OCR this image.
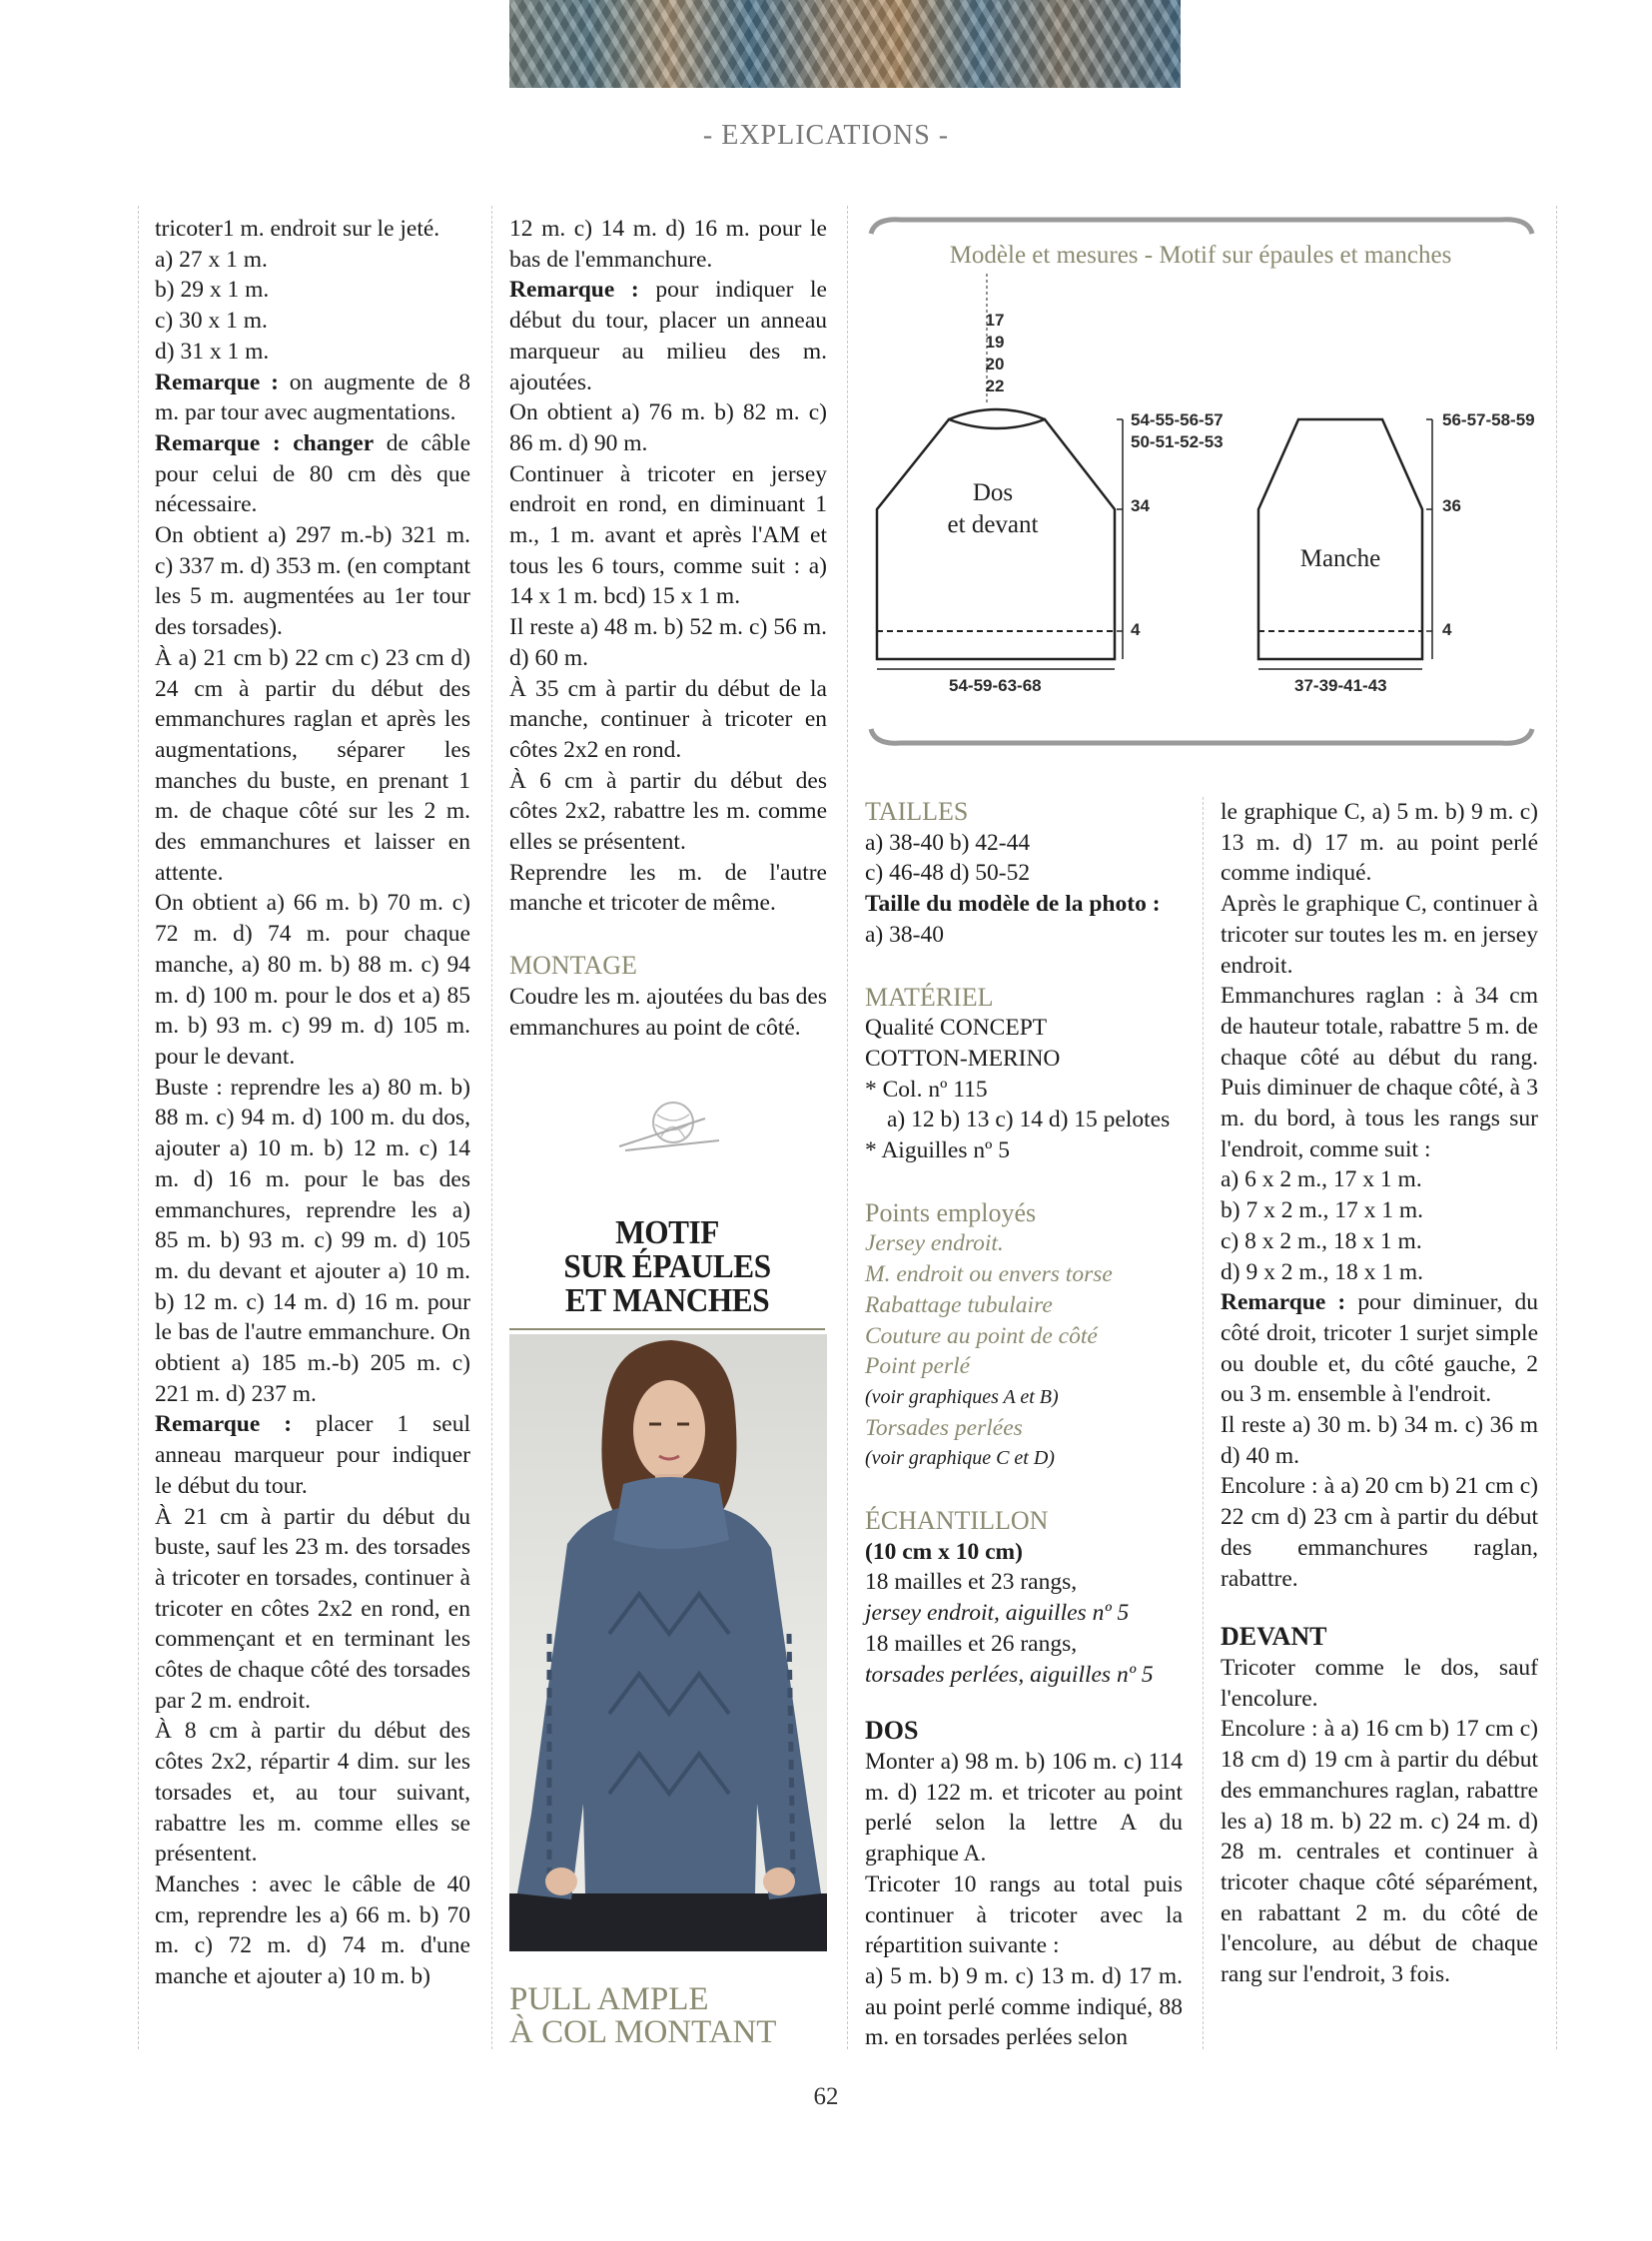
- EXPLICATIONS -

tricoter1 m. endroit sur le jeté.

a) 27 x 1 m.

b) 29 x 1 m.

c) 30 x 1 m.

d) 31 x 1 m.

Remarque : on augmente de 8 m. par tour avec augmentations.

Remarque : changer de câble pour celui de 80 cm dès que nécessaire.

On obtient a) 297 m.-b) 321 m. c) 337 m. d) 353 m. (en comptant les 5 m. augmentées au 1er tour des torsades).

À a) 21 cm b) 22 cm c) 23 cm d) 24 cm à partir du début des emmanchures raglan et après les augmentations, séparer les manches du buste, en prenant 1 m. de chaque côté sur les 2 m. des emmanchures et laisser en attente.

On obtient a) 66 m. b) 70 m. c) 72 m. d) 74 m. pour chaque manche, a) 80 m. b) 88 m. c) 94 m. d) 100 m. pour le dos et a) 85 m. b) 93 m. c) 99 m. d) 105 m. pour le devant.

Buste : reprendre les a) 80 m. b) 88 m. c) 94 m. d) 100 m. du dos, ajouter a) 10 m. b) 12 m. c) 14 m. d) 16 m. pour le bas des emmanchures, reprendre les a) 85 m. b) 93 m. c) 99 m. d) 105 m. du devant et ajouter a) 10 m. b) 12 m. c) 14 m. d) 16 m. pour le bas de l'autre emmanchure. On obtient a) 185 m.-b) 205 m. c) 221 m. d) 237 m.

Remarque : placer 1 seul anneau marqueur pour indiquer le début du tour.

À 21 cm à partir du début du buste, sauf les 23 m. des torsades à tricoter en torsades, continuer à tricoter en côtes 2x2 en rond, en commençant et en terminant les côtes de chaque côté des torsades par 2 m. endroit.

À 8 cm à partir du début des côtes 2x2, répartir 4 dim. sur les torsades et, au tour suivant, rabattre les m. comme elles se présentent.

Manches : avec le câble de 40 cm, reprendre les a) 66 m. b) 70 m. c) 72 m. d) 74 m. d'une manche et ajouter a) 10 m. b)

12 m. c) 14 m. d) 16 m. pour le bas de l'emmanchure.

Remarque : pour indiquer le début du tour, placer un anneau marqueur au milieu des m. ajoutées.

On obtient a) 76 m. b) 82 m. c) 86 m. d) 90 m.

Continuer à tricoter en jersey endroit en rond, en diminuant 1 m., 1 m. avant et après l'AM et tous les 6 tours, comme suit : a) 14 x 1 m. bcd) 15 x 1 m.

Il reste a) 48 m. b) 52 m. c) 56 m. d) 60 m.

À 35 cm à partir du début de la manche, continuer à tricoter en côtes 2x2 en rond.

À 6 cm à partir du début des côtes 2x2, rabattre les m. comme elles se présentent.

Reprendre les m. de l'autre manche et tricoter de même.

MONTAGE

Coudre les m. ajoutées du bas des emmanchures au point de côté.

MOTIF
SUR ÉPAULES
ET MANCHES
PULL AMPLE
À COL MONTANT
Modèle et mesures - Motif sur épaules et manches
17
19
20
22
54-55-56-57
50-51-52-53
34
4
54-59-63-68
Dos
et devant
56-57-58-59
36
4
37-39-41-43
Manche

TAILLES

a) 38-40 b) 42-44

c) 46-48 d) 50-52

Taille du modèle de la photo :

a) 38-40

MATÉRIEL

Qualité CONCEPT

COTTON-MERINO

* Col. nº 115

a) 12 b) 13 c) 14 d) 15 pelotes

* Aiguilles nº 5

Points employés

Jersey endroit.

M. endroit ou envers torse

Rabattage tubulaire

Couture au point de côté

Point perlé

(voir graphiques A et B)

Torsades perlées

(voir graphique C et D)

ÉCHANTILLON

(10 cm x 10 cm)

18 mailles et 23 rangs,

jersey endroit, aiguilles nº 5

18 mailles et 26 rangs,

torsades perlées, aiguilles nº 5

DOS

Monter a) 98 m. b) 106 m. c) 114 m. d) 122 m. et tricoter au point perlé selon la lettre A du graphique A.

Tricoter 10 rangs au total puis continuer à tricoter avec la répartition suivante :

a) 5 m. b) 9 m. c) 13 m. d) 17 m. au point perlé comme indiqué, 88 m. en torsades perlées selon

le graphique C, a) 5 m. b) 9 m. c) 13 m. d) 17 m. au point perlé comme indiqué.

Après le graphique C, continuer à tricoter sur toutes les m. en jersey endroit.

Emmanchures raglan : à 34 cm de hauteur totale, rabattre 5 m. de chaque côté au début du rang. Puis diminuer de chaque côté, à 3 m. du bord, à tous les rangs sur l'endroit, comme suit :

a) 6 x 2 m., 17 x 1 m.

b) 7 x 2 m., 17 x 1 m.

c) 8 x 2 m., 18 x 1 m.

d) 9 x 2 m., 18 x 1 m.

Remarque : pour diminuer, du côté droit, tricoter 1 surjet simple ou double et, du côté gauche, 2 ou 3 m. ensemble à l'endroit.

Il reste a) 30 m. b) 34 m. c) 36 m d) 40 m.

Encolure : à a) 20 cm b) 21 cm c) 22 cm d) 23 cm à partir du début des emmanchures raglan, rabattre.

DEVANT

Tricoter comme le dos, sauf l'encolure.

Encolure : à a) 16 cm b) 17 cm c) 18 cm d) 19 cm à partir du début des emmanchures raglan, rabattre les a) 18 m. b) 22 m. c) 24 m. d) 28 m. centrales et continuer à tricoter chaque côté séparément, en rabattant 2 m. du côté de l'encolure, au début de chaque rang sur l'endroit, 3 fois.

62
